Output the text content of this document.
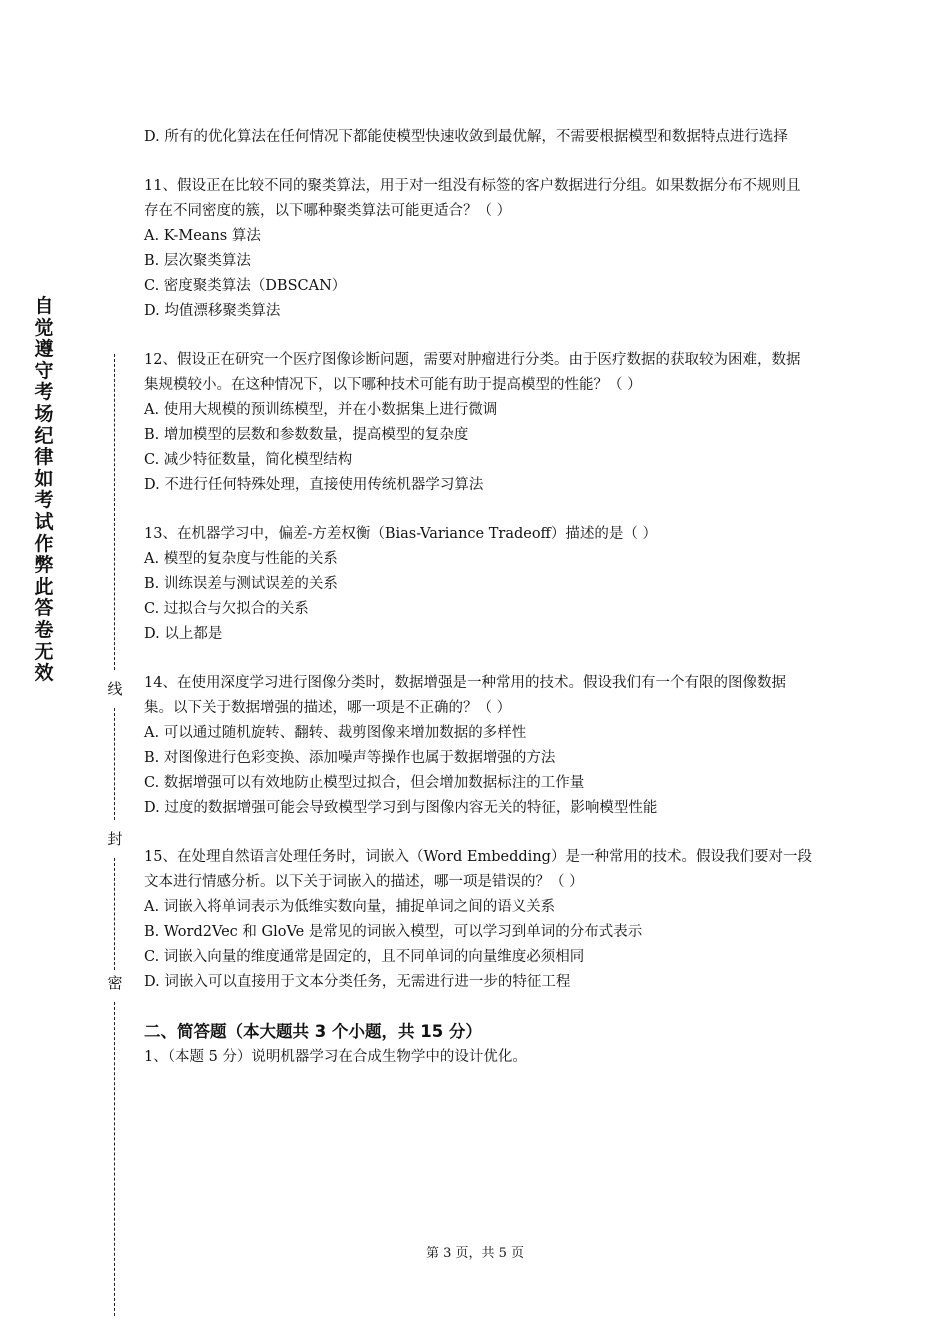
自觉遵守考场纪律如考试作弊此答卷无效
线
封
密

D. 所有的优化算法在任何情况下都能使模型快速收敛到最优解，不需要根据模型和数据特点进行选择

11、假设正在比较不同的聚类算法，用于对一组没有标签的客户数据进行分组。如果数据分布不规则且存在不同密度的簇，以下哪种聚类算法可能更适合？（ ）

A. K-Means 算法

B. 层次聚类算法

C. 密度聚类算法（DBSCAN）

D. 均值漂移聚类算法

12、假设正在研究一个医疗图像诊断问题，需要对肿瘤进行分类。由于医疗数据的获取较为困难，数据集规模较小。在这种情况下，以下哪种技术可能有助于提高模型的性能？（ ）

A. 使用大规模的预训练模型，并在小数据集上进行微调

B. 增加模型的层数和参数数量，提高模型的复杂度

C. 减少特征数量，简化模型结构

D. 不进行任何特殊处理，直接使用传统机器学习算法

13、在机器学习中，偏差-方差权衡（Bias-Variance Tradeoff）描述的是（ ）

A. 模型的复杂度与性能的关系

B. 训练误差与测试误差的关系

C. 过拟合与欠拟合的关系

D. 以上都是

14、在使用深度学习进行图像分类时，数据增强是一种常用的技术。假设我们有一个有限的图像数据集。以下关于数据增强的描述，哪一项是不正确的？（ ）

A. 可以通过随机旋转、翻转、裁剪图像来增加数据的多样性

B. 对图像进行色彩变换、添加噪声等操作也属于数据增强的方法

C. 数据增强可以有效地防止模型过拟合，但会增加数据标注的工作量

D. 过度的数据增强可能会导致模型学习到与图像内容无关的特征，影响模型性能

15、在处理自然语言处理任务时，词嵌入（Word Embedding）是一种常用的技术。假设我们要对一段文本进行情感分析。以下关于词嵌入的描述，哪一项是错误的？（ ）

A. 词嵌入将单词表示为低维实数向量，捕捉单词之间的语义关系

B. Word2Vec 和 GloVe 是常见的词嵌入模型，可以学习到单词的分布式表示

C. 词嵌入向量的维度通常是固定的，且不同单词的向量维度必须相同

D. 词嵌入可以直接用于文本分类任务，无需进行进一步的特征工程

二、简答题（本大题共 3 个小题，共 15 分）

1、（本题 5 分）说明机器学习在合成生物学中的设计优化。

第 3 页，共 5 页
